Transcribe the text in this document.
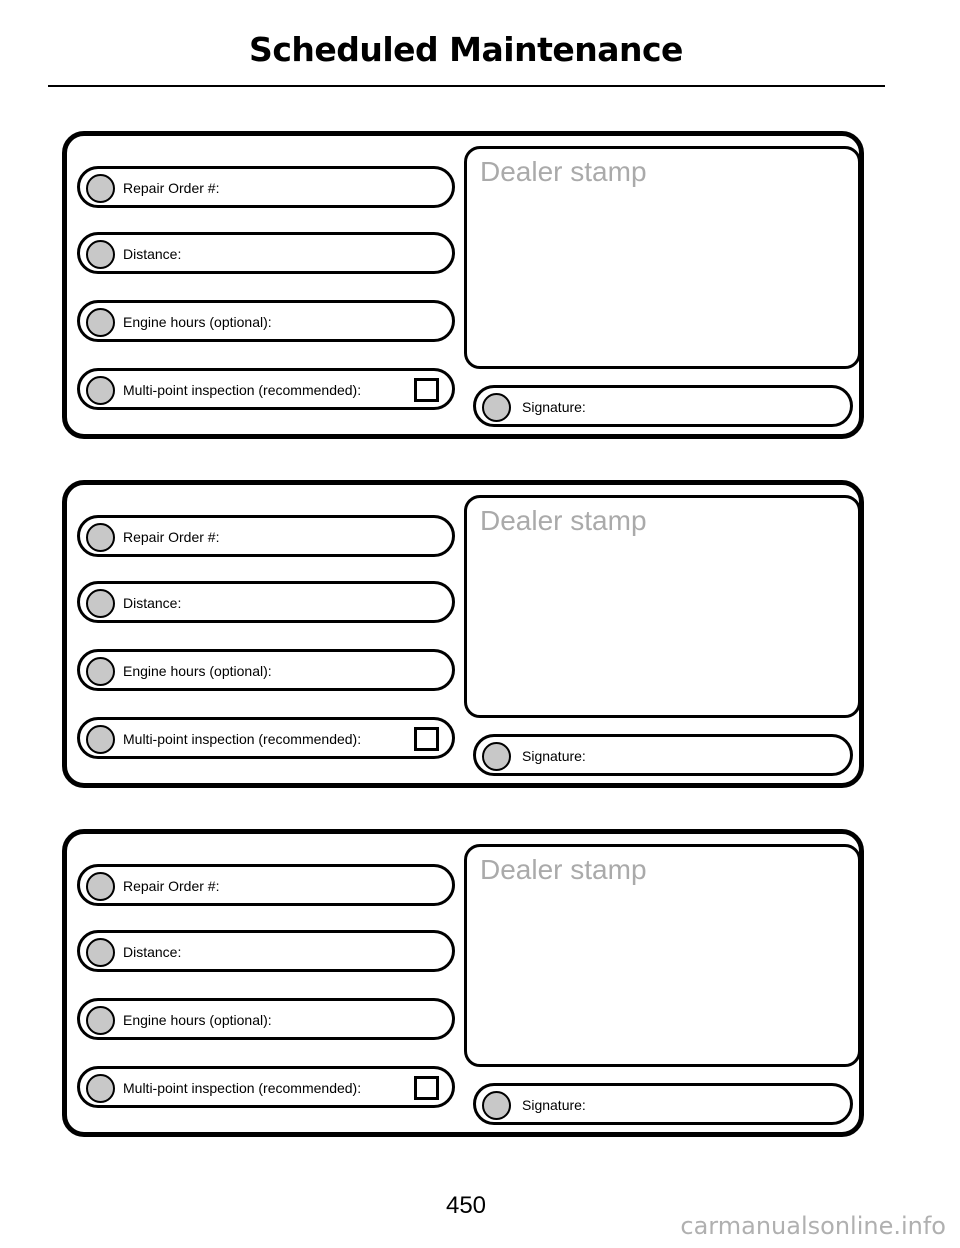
Scheduled Maintenance
Repair Order #:
Distance:
Engine hours (optional):
Multi-point inspection (recommended):
Dealer stamp
Signature:
Repair Order #:
Distance:
Engine hours (optional):
Multi-point inspection (recommended):
Dealer stamp
Signature:
Repair Order #:
Distance:
Engine hours (optional):
Multi-point inspection (recommended):
Dealer stamp
Signature:
450
carmanualsonline.info
